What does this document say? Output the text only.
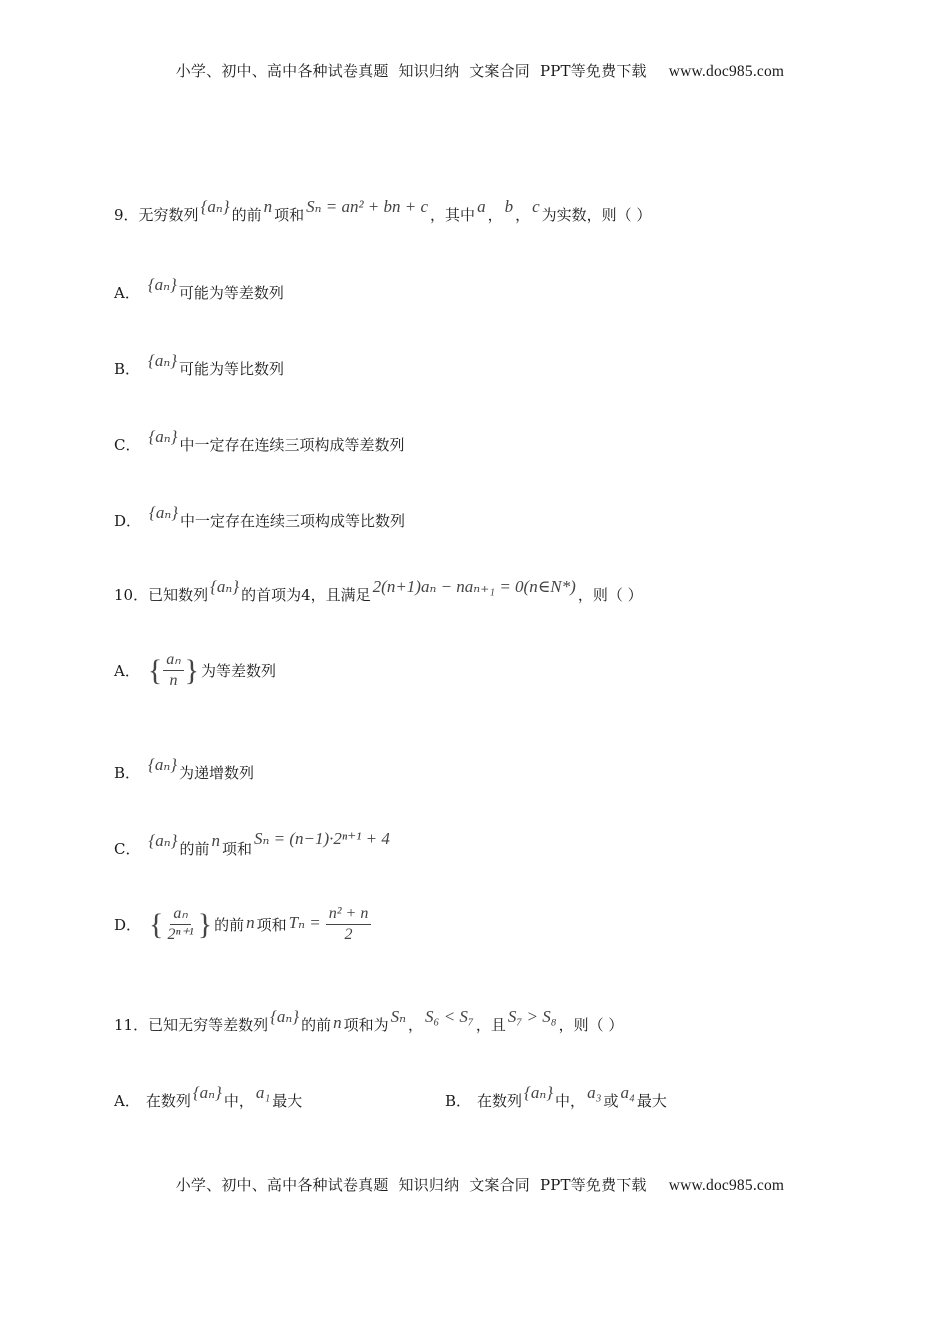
小学、初中、高中各种试卷真题  知识归纳  文案合同  PPT等免费下载 www.doc985.com

9． 无穷数列 {aₙ} 的前 n 项和 Sₙ = an² + bn + c ，其中 a ， b ， c 为实数，则（ ）
A． {aₙ} 可能为等差数列
B． {aₙ} 可能为等比数列
C． {aₙ} 中一定存在连续三项构成等差数列
D． {aₙ} 中一定存在连续三项构成等比数列
10． 已知数列 {aₙ} 的首项为4，且满足 2(n+1)aₙ − naₙ₊₁ = 0(n∈N*) ，则（ ）
A． { $\frac{\text{aₙ}}{n}$ } 为等差数列
B． {aₙ} 为递增数列
C． {aₙ} 的前 n 项和
Sₙ = (n−1)·2ⁿ⁺¹ + 4
D． { $\frac{\text{aₙ}}{\text{2ⁿ⁺¹}}$ } 的前 n 项和 $T_n = \frac{\text{n² + n}}{2}$
11． 已知无穷等差数列 {aₙ} 的前 n 项和为 Sₙ ， S₆ < S₇ ，且 S₇ > S₈ ，则（ ）
A． 在数列 {aₙ} 中， a₁ 最大	B． 在数列 {aₙ} 中， a₃ 或 a₄ 最大

小学、初中、高中各种试卷真题  知识归纳  文案合同  PPT等免费下载 www.doc985.com
